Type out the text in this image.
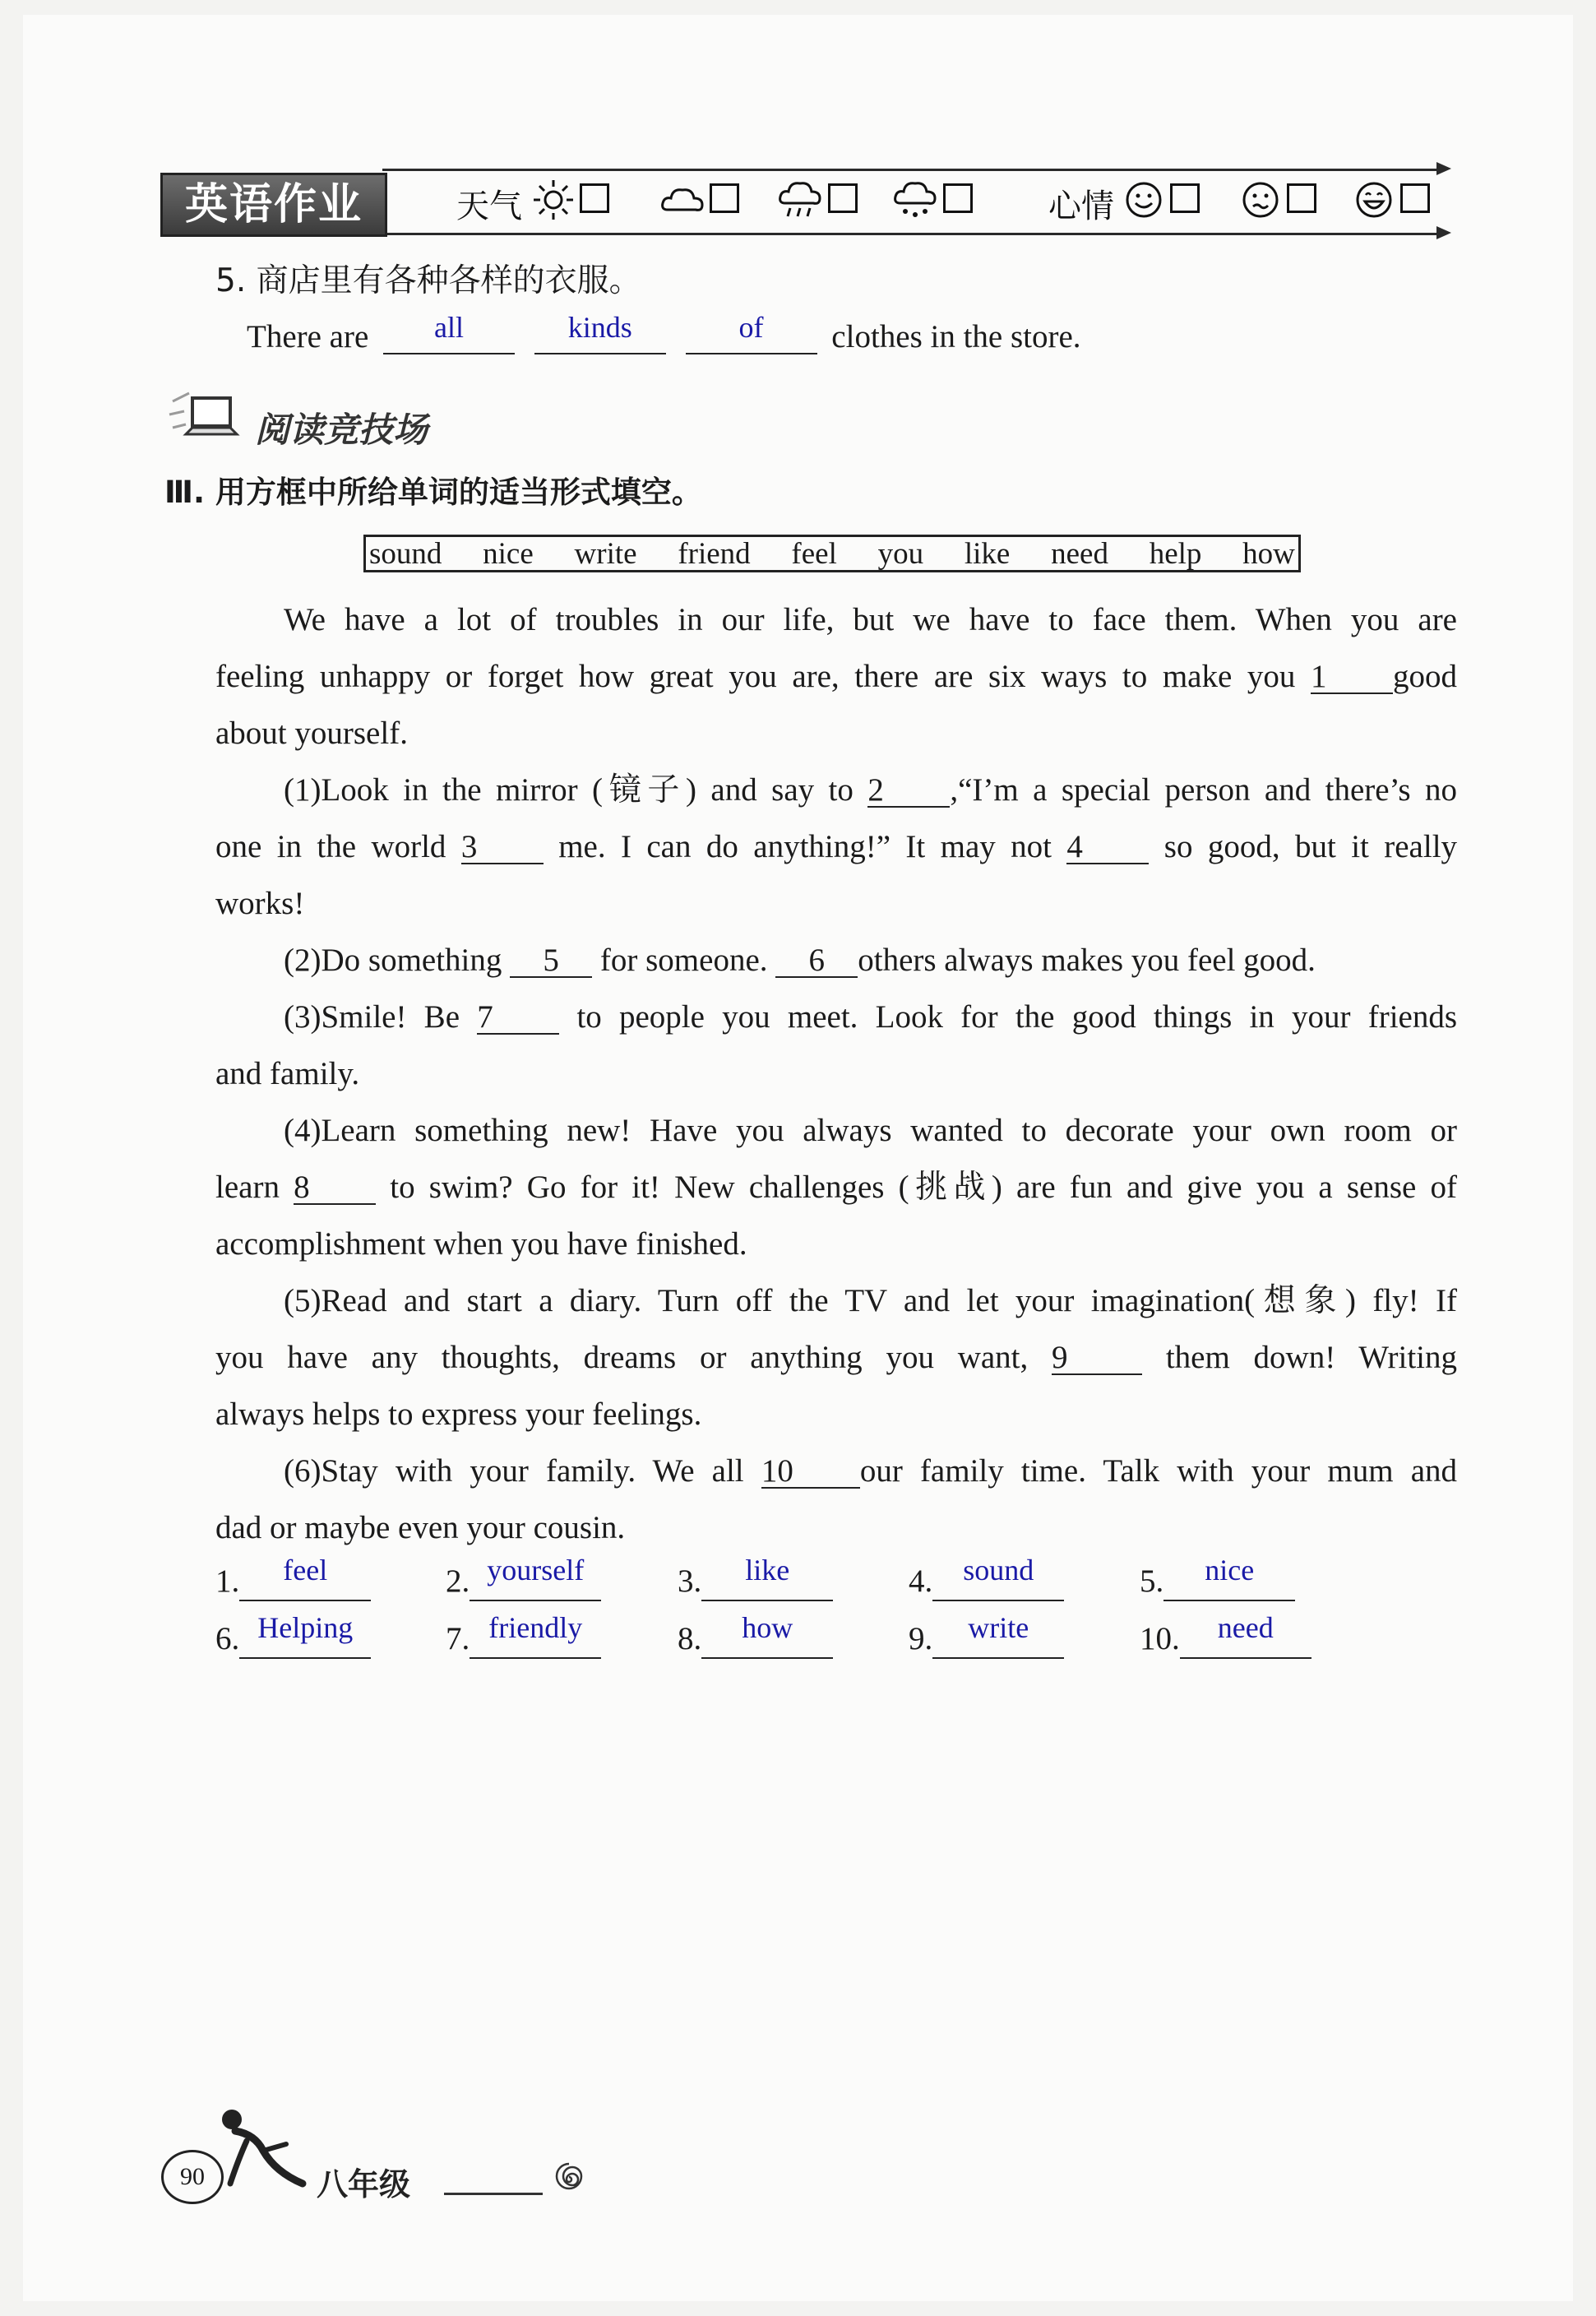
英语作业	天气	心情
5. 商店里有各种各样的衣服。
There are all	kinds	of clothes in the store.
阅读竞技场
Ⅲ. 用方框中所给单词的适当形式填空。
sound nice write friend feel you like need help how
We have a lot of troubles in our life, but we have to face them. When you are
feeling unhappy or forget how great you are, there are six ways to make you 1 good
about yourself.
(1)Look in the mirror (镜子) and say to 2 ,“I’m a special person and there’s no
one in the world 3	me. I can do anything!” It may not 4	so good, but it really
works!
(2)Do something 5 for someone. 6 others always makes you feel good.
(3)Smile! Be 7	to people you meet. Look for the good things in your friends
and family.
(4)Learn something new! Have you always wanted to decorate your own room or
learn 8	to swim? Go for it! New challenges (挑战) are fun and give you a sense of
accomplishment when you have finished.
(5)Read and start a diary. Turn off the TV and let your imagination(想象) fly! If
you have any thoughts, dreams or anything you want, 9	them down! Writing
always helps to express your feelings.
(6)Stay with your family. We all 10 our family time. Talk with your mum and
dad or maybe even your cousin.
1. feel	2. yourself	3. like	4. sound	5. nice
6. Helping	7. friendly	8. how	9. write	10. need
90	八年级
